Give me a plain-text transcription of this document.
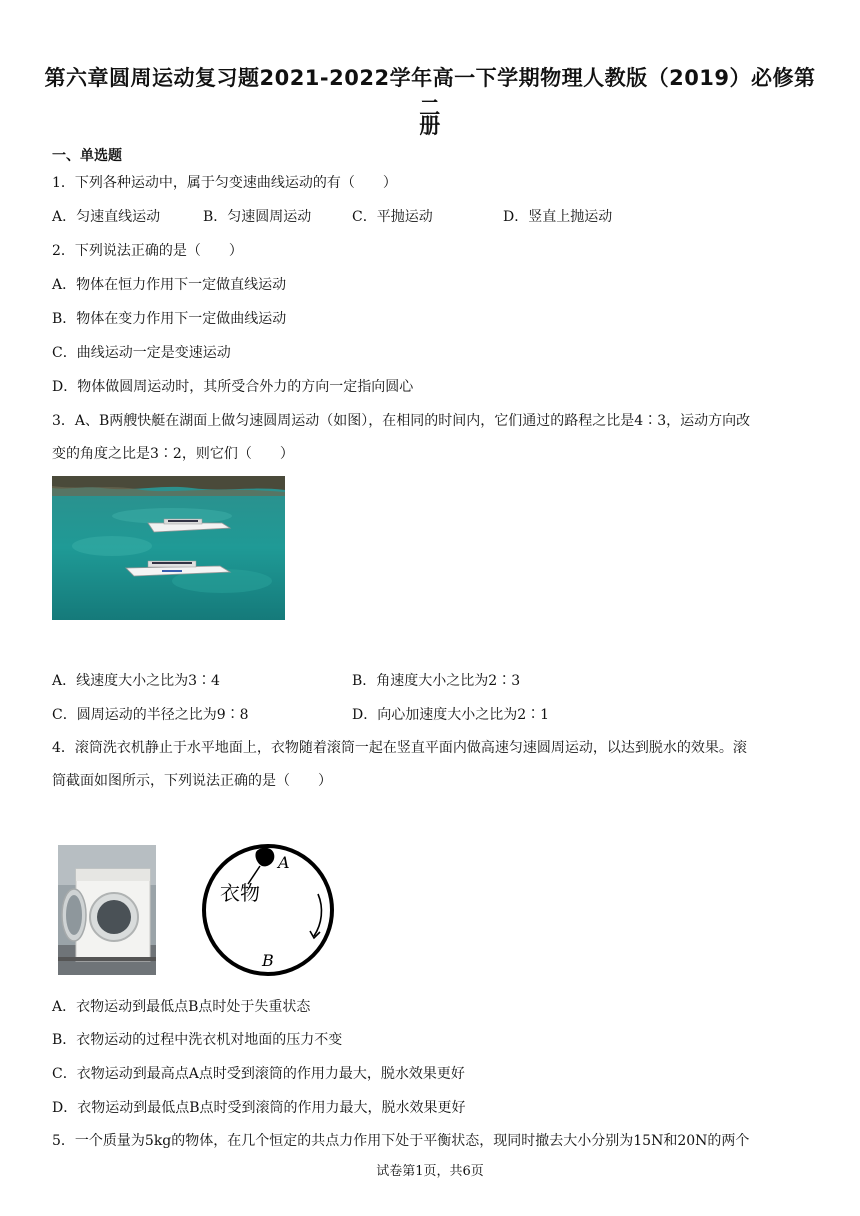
第六章圆周运动复习题2021-2022学年高一下学期物理人教版（2019）必修第二
册
一、单选题
1．下列各种运动中，属于匀变速曲线运动的有（　　）
A．匀速直线运动	B．匀速圆周运动	C．平抛运动	D．竖直上抛运动
2．下列说法正确的是（　　）
A．物体在恒力作用下一定做直线运动
B．物体在变力作用下一定做曲线运动
C．曲线运动一定是变速运动
D．物体做圆周运动时，其所受合外力的方向一定指向圆心
3．A、B两艘快艇在湖面上做匀速圆周运动（如图），在相同的时间内，它们通过的路程之比是4∶3，运动方向改
变的角度之比是3∶2，则它们（　　）
A．线速度大小之比为3∶4	B．角速度大小之比为2∶3
C．圆周运动的半径之比为9∶8	D．向心加速度大小之比为2∶1
4．滚筒洗衣机静止于水平地面上，衣物随着滚筒一起在竖直平面内做高速匀速圆周运动，以达到脱水的效果。滚
筒截面如图所示，下列说法正确的是（　　）
A
衣物
B
A．衣物运动到最低点B点时处于失重状态
B．衣物运动的过程中洗衣机对地面的压力不变
C．衣物运动到最高点A点时受到滚筒的作用力最大，脱水效果更好
D．衣物运动到最低点B点时受到滚筒的作用力最大，脱水效果更好
5．一个质量为5kg的物体，在几个恒定的共点力作用下处于平衡状态，现同时撤去大小分别为15N和20N的两个
试卷第1页，共6页
